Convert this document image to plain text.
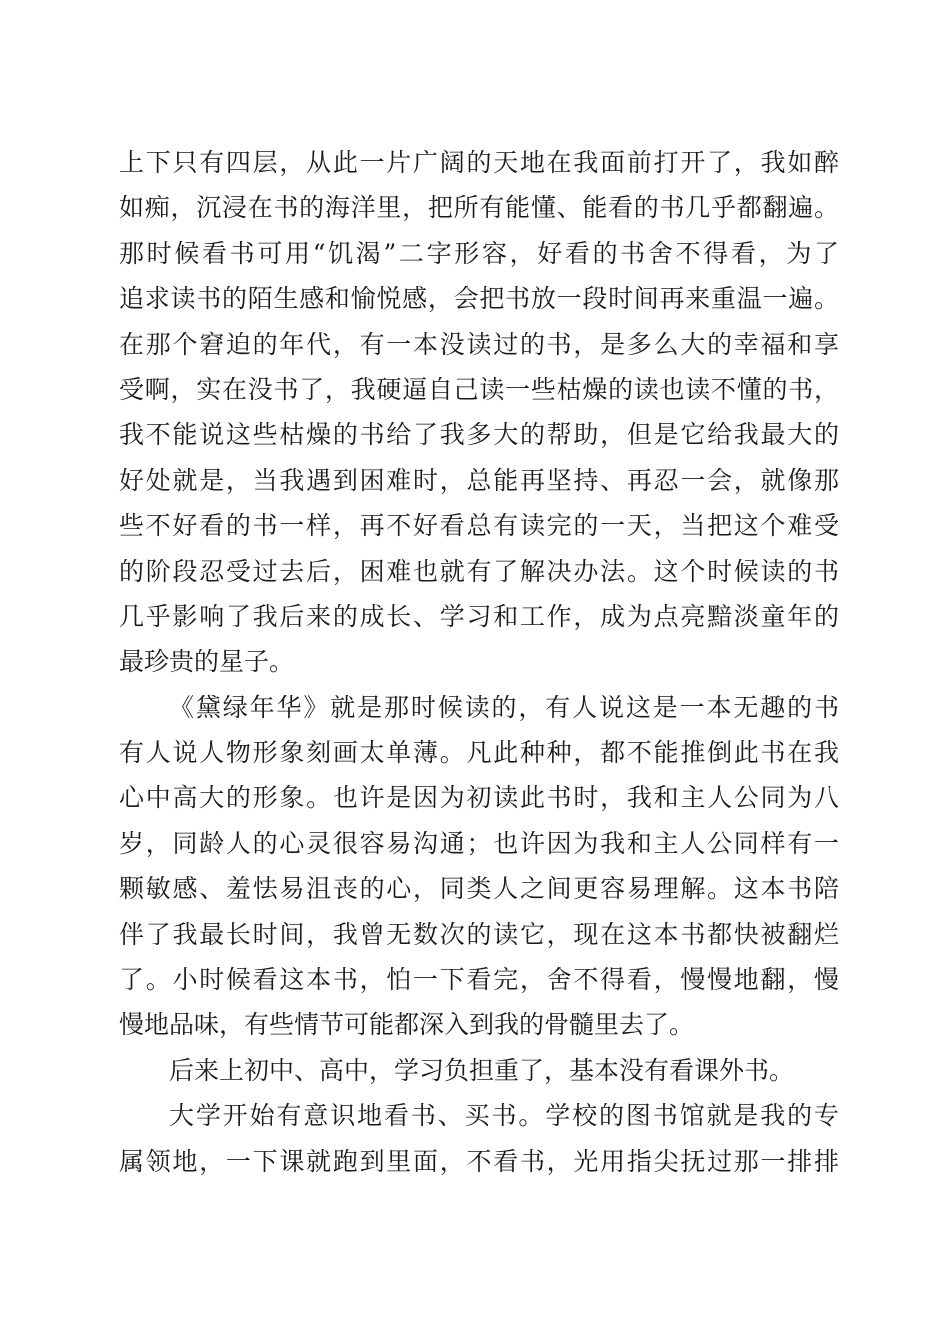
上下只有四层，从此一片广阔的天地在我面前打开了，我如醉
如痴，沉浸在书的海洋里，把所有能懂、能看的书几乎都翻遍。
那时候看书可用“饥渴”二字形容，好看的书舍不得看，为了
追求读书的陌生感和愉悦感，会把书放一段时间再来重温一遍。
在那个窘迫的年代，有一本没读过的书，是多么大的幸福和享
受啊，实在没书了，我硬逼自己读一些枯燥的读也读不懂的书，
我不能说这些枯燥的书给了我多大的帮助，但是它给我最大的
好处就是，当我遇到困难时，总能再坚持、再忍一会，就像那
些不好看的书一样，再不好看总有读完的一天，当把这个难受
的阶段忍受过去后，困难也就有了解决办法。这个时候读的书
几乎影响了我后来的成长、学习和工作，成为点亮黯淡童年的
最珍贵的星子。
《黛绿年华》就是那时候读的，有人说这是一本无趣的书
有人说人物形象刻画太单薄。凡此种种，都不能推倒此书在我
心中高大的形象。也许是因为初读此书时，我和主人公同为八
岁，同龄人的心灵很容易沟通；也许因为我和主人公同样有一
颗敏感、羞怯易沮丧的心，同类人之间更容易理解。这本书陪
伴了我最长时间，我曾无数次的读它，现在这本书都快被翻烂
了。小时候看这本书，怕一下看完，舍不得看，慢慢地翻，慢
慢地品味，有些情节可能都深入到我的骨髓里去了。
后来上初中、高中，学习负担重了，基本没有看课外书。
大学开始有意识地看书、买书。学校的图书馆就是我的专
属领地，一下课就跑到里面，不看书，光用指尖抚过那一排排
